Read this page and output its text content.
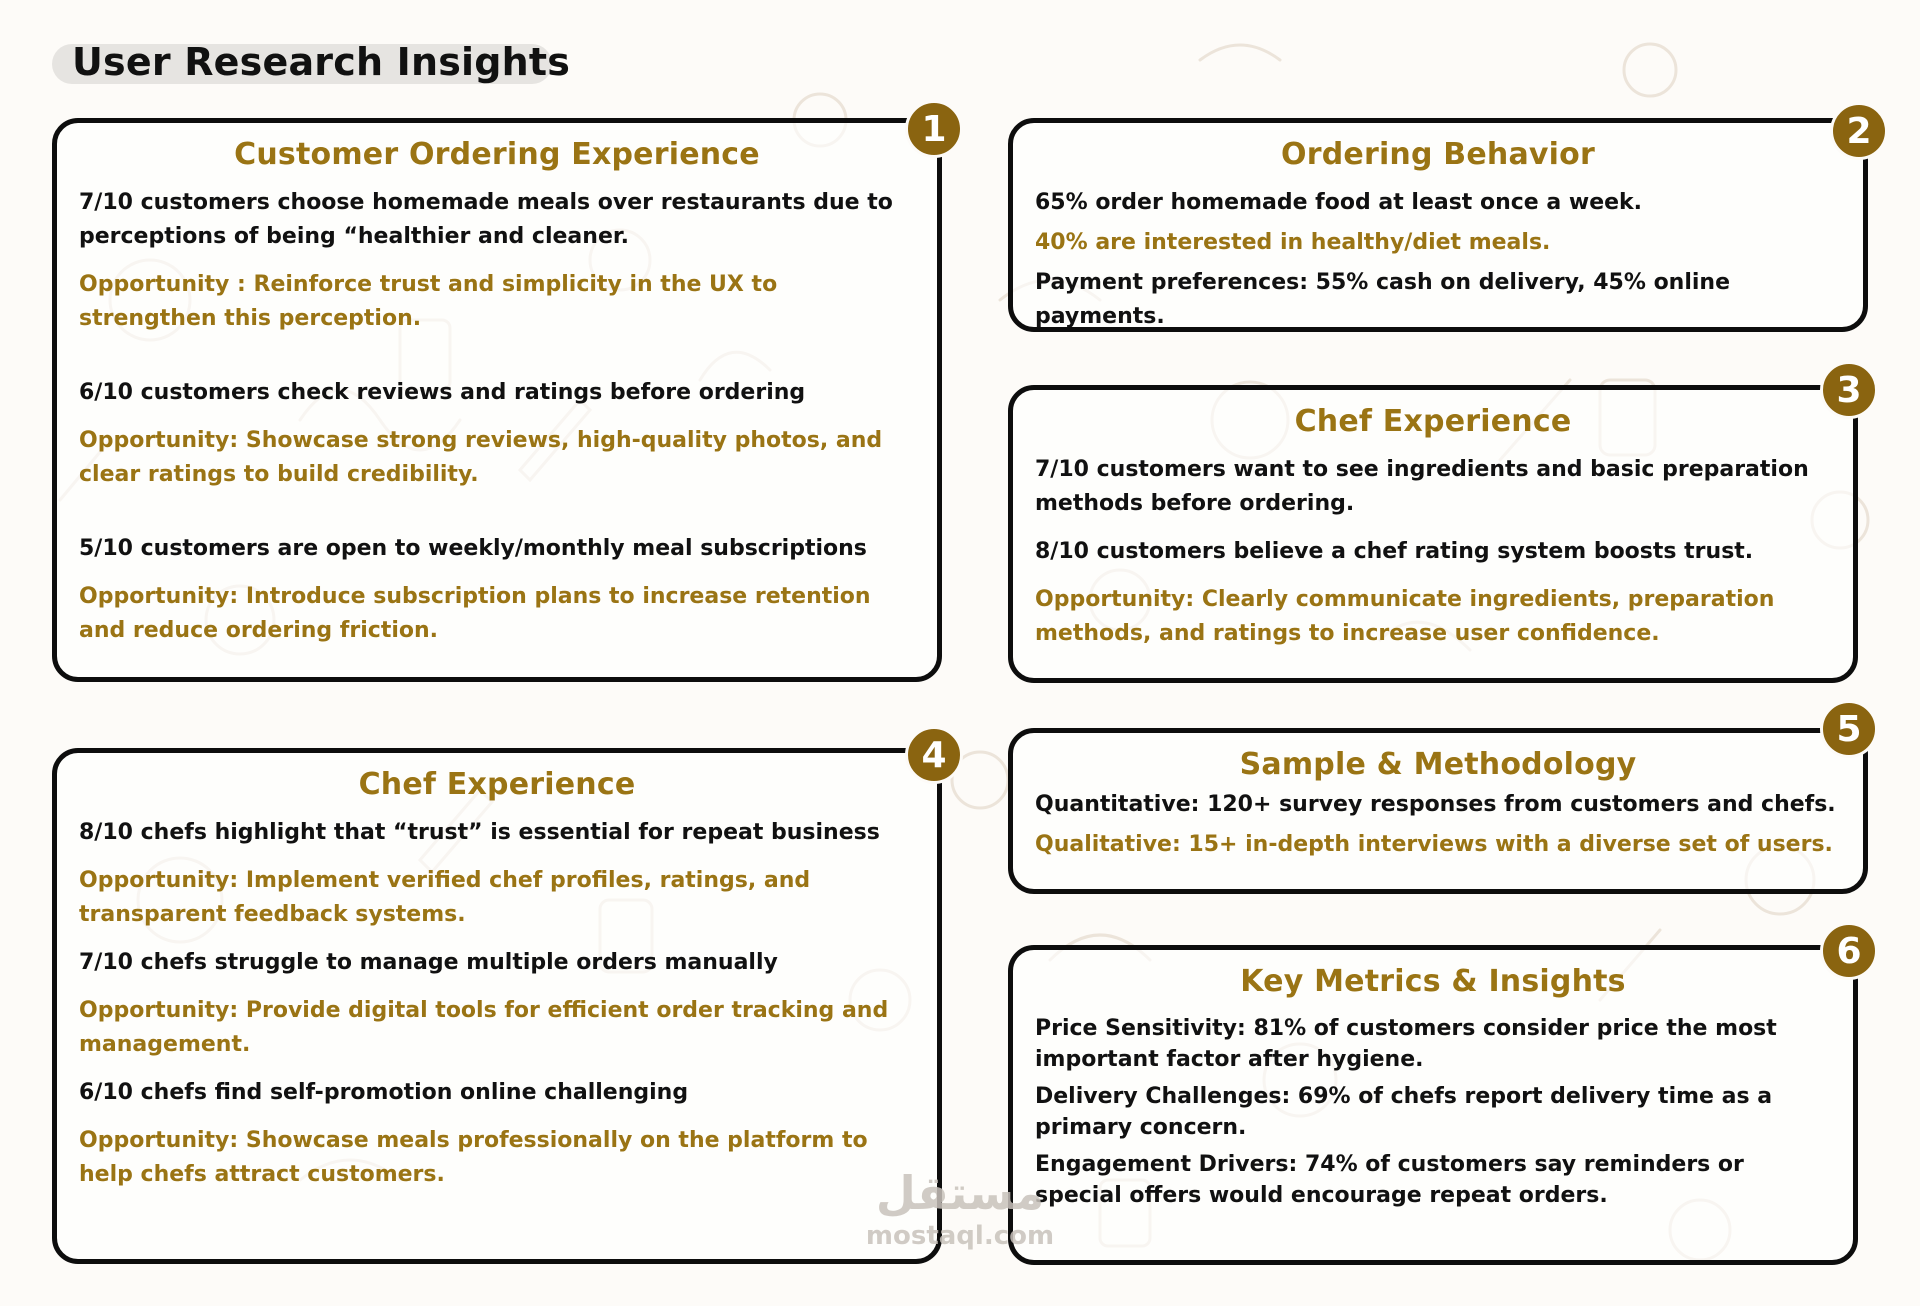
User Research Insights
Customer Ordering Experience

7/10 customers choose homemade meals over restaurants due to perceptions of being “healthier and cleaner.

Opportunity : Reinforce trust and simplicity in the UX to strengthen this perception.

6/10 customers check reviews and ratings before ordering

Opportunity: Showcase strong reviews, high-quality photos, and clear ratings to build credibility.

5/10 customers are open to weekly/monthly meal subscriptions

Opportunity: Introduce subscription plans to increase retention and reduce ordering friction.

1
Ordering Behavior

65% order homemade food at least once a week.

40% are interested in healthy/diet meals.

Payment preferences: 55% cash on delivery, 45% online payments.

2
Chef Experience

7/10 customers want to see ingredients and basic preparation methods before ordering.

8/10 customers believe a chef rating system boosts trust.

Opportunity: Clearly communicate ingredients, preparation methods, and ratings to increase user confidence.

3
Chef Experience

8/10 chefs highlight that “trust” is essential for repeat business

Opportunity: Implement verified chef profiles, ratings, and transparent feedback systems.

7/10 chefs struggle to manage multiple orders manually

Opportunity: Provide digital tools for efficient order tracking and management.

6/10 chefs find self-promotion online challenging

Opportunity: Showcase meals professionally on the platform to help chefs attract customers.

4	Sample & Methodology

Quantitative: 120+ survey responses from customers and chefs.

Qualitative: 15+ in-depth interviews with a diverse set of users.

5
Key Metrics & Insights

Price Sensitivity: 81% of customers consider price the most important factor after hygiene.

Delivery Challenges: 69% of chefs report delivery time as a primary concern.

Engagement Drivers: 74% of customers say reminders or special offers would encourage repeat orders.

6
مستقل
mostaql.com
